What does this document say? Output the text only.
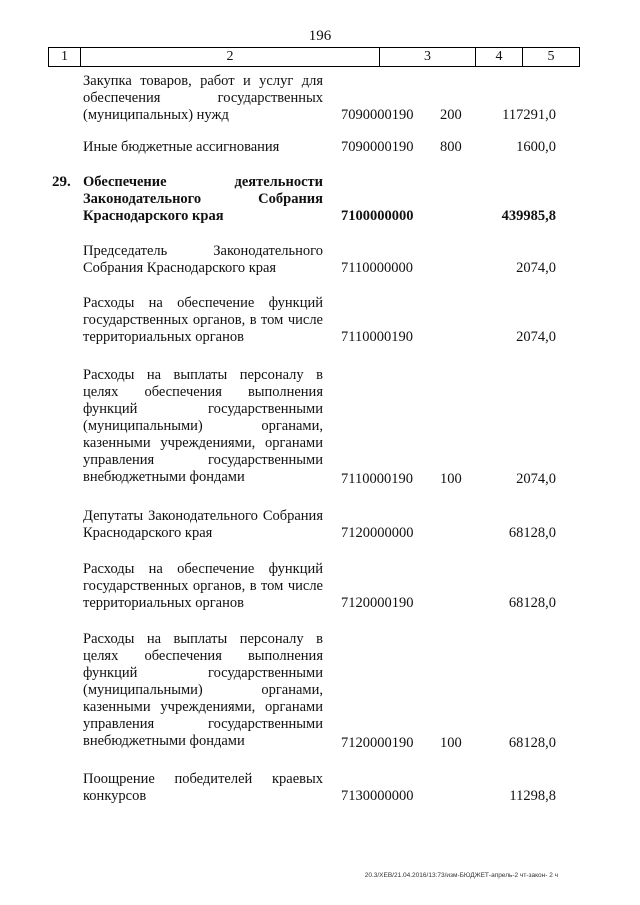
196
1	2	3	4	5
Закупка товаров, работ и услуг для обеспечения государственных (муниципальных) нужд	7090000190 200	117291,0
Иные бюджетные ассигнования	7090000190 800	1600,0
29. Обеспечение деятельности Законодательного Собрания Краснодарского края	7100000000	439985,8
Председатель Законодательного Собрания Краснодарского края	7110000000	2074,0
Расходы на обеспечение функций государственных органов, в том числе территориальных органов	7110000190	2074,0
Расходы на выплаты персоналу в целях обеспечения выполнения функций государственными (муниципальными) органами, казенными учреждениями, органами управления государственными внебюджетными фондами	7110000190 100	2074,0
Депутаты Законодательного Собрания Краснодарского края	7120000000	68128,0
Расходы на обеспечение функций государственных органов, в том числе территориальных органов	7120000190	68128,0
Расходы на выплаты персоналу в целях обеспечения выполнения функций государственными (муниципальными) органами, казенными учреждениями, органами управления государственными внебюджетными фондами	7120000190 100	68128,0
Поощрение победителей краевых конкурсов	7130000000	11298,8
20.3/ХЕВ/21.04.2016/13:73/изм-БЮДЖЕТ-апрель-2 чт-закон- 2 ч
